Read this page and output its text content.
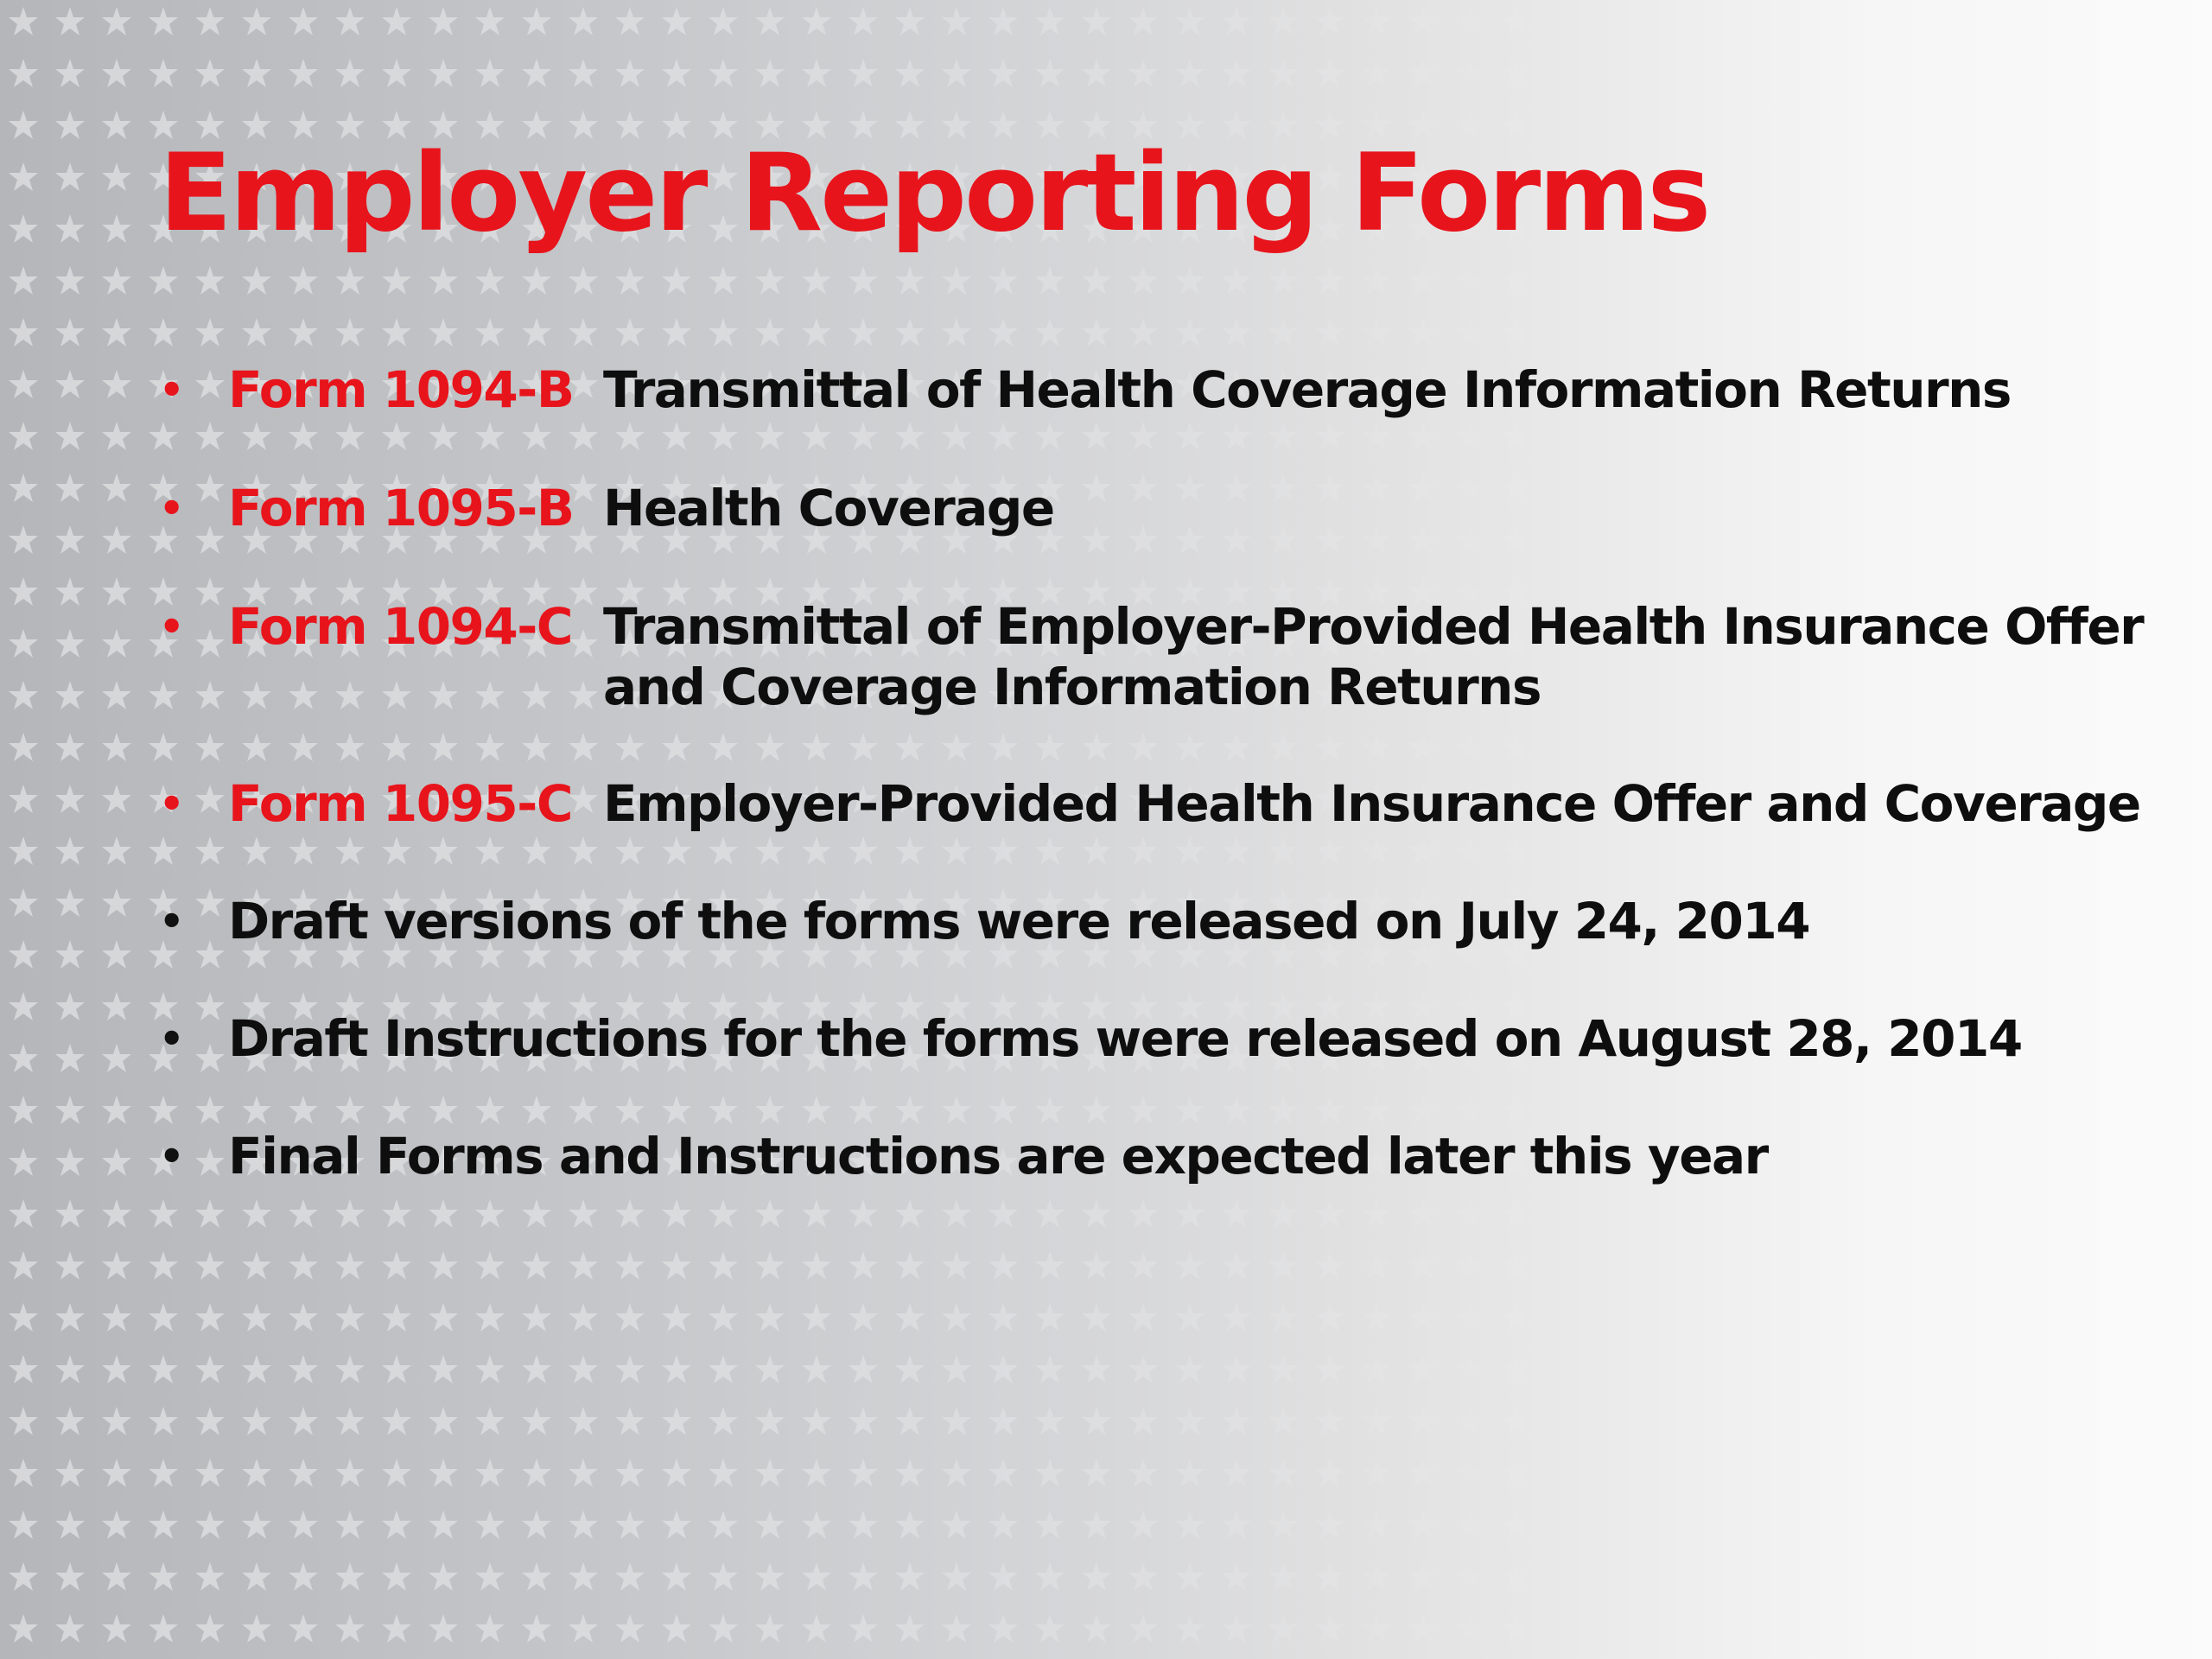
Employer Reporting Forms
• Form 1094-B Transmittal of Health Coverage Information Returns
• Form 1095-B Health Coverage
• Form 1094-C Transmittal of Employer-Provided Health Insurance Offer and Coverage Information Returns
• Form 1095-C Employer-Provided Health Insurance Offer and Coverage
• Draft versions of the forms were released on July 24, 2014
• Draft Instructions for the forms were released on August 28, 2014
• Final Forms and Instructions are expected later this year
